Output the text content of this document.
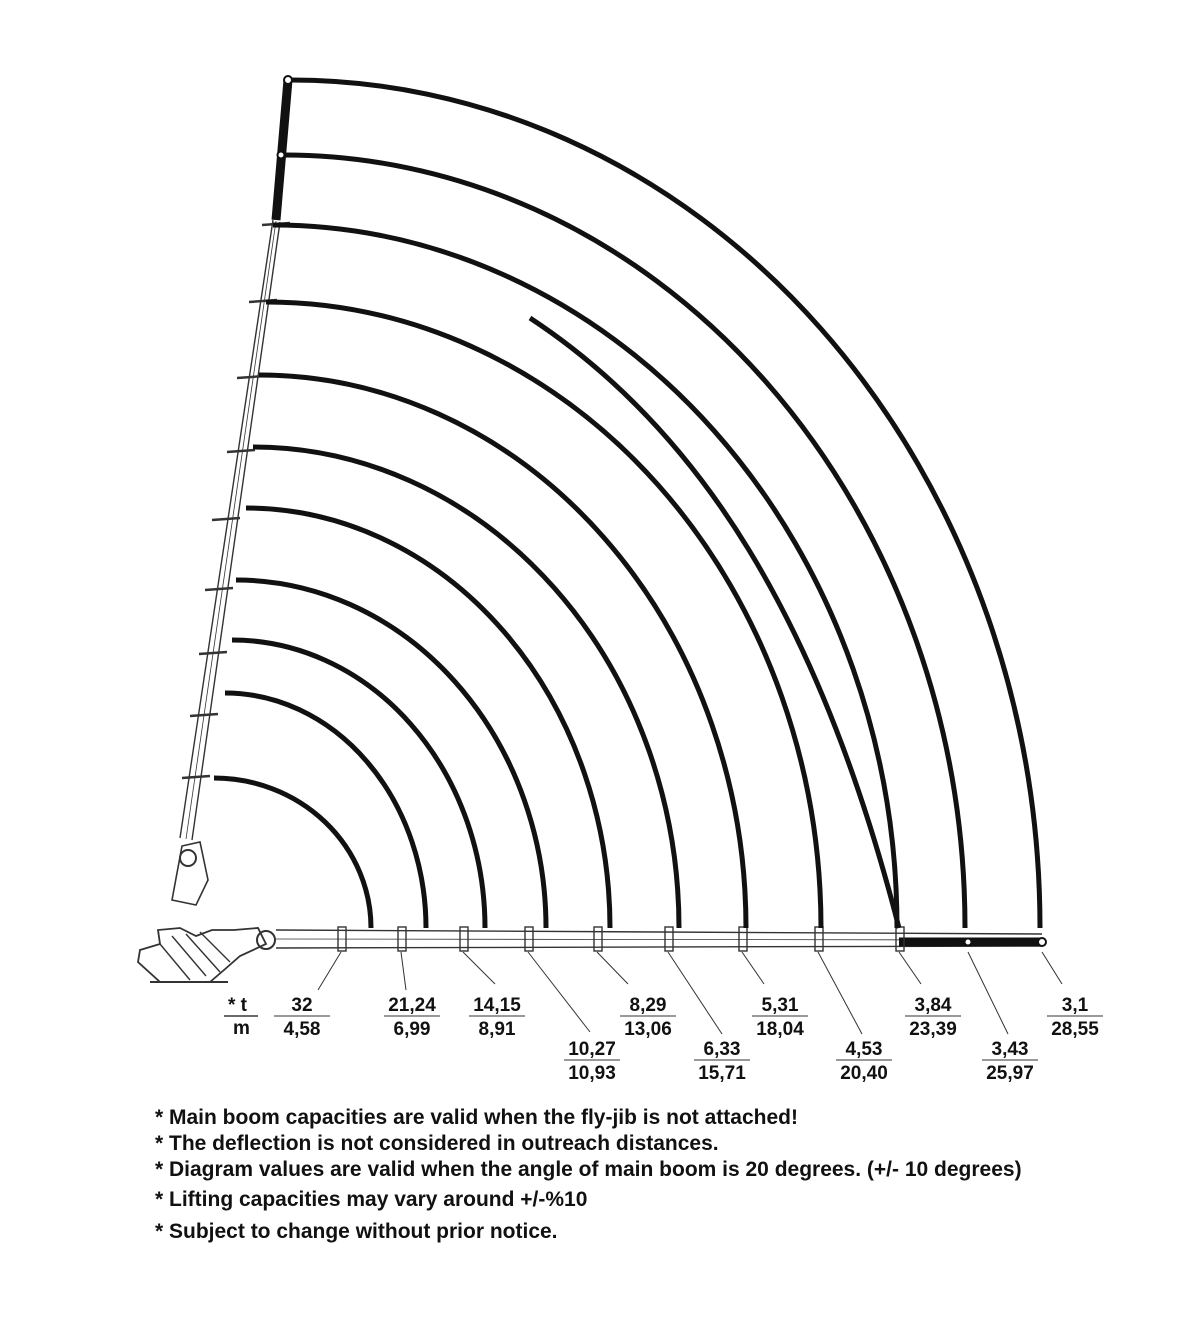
32
4,58
21,24
6,99
14,15
8,91
10,27
10,93
8,29
13,06
6,33
15,71
5,31
18,04
4,53
20,40
3,84
23,39
3,43
25,97
3,1
28,55
* t
m
* Main boom capacities are valid when the fly-jib is not attached!
* The deflection is not considered in outreach distances.
* Diagram values are valid when the angle of main boom is 20 degrees. (+/- 10 degrees)
* Lifting capacities may vary around +/-%10
* Subject to change without prior notice.
